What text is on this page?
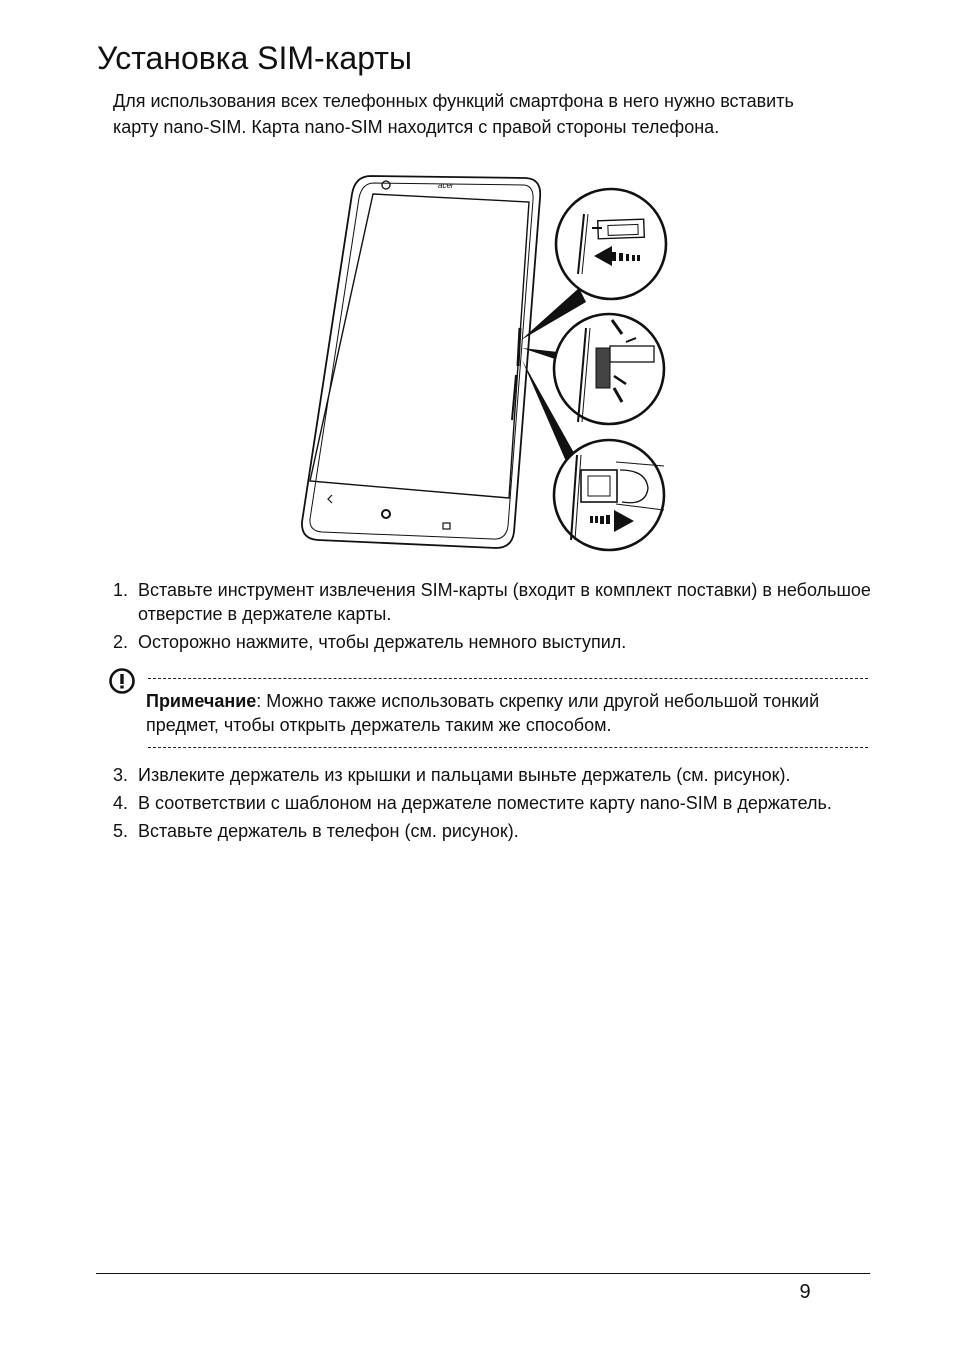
Установка SIM-карты

Для использования всех телефонных функций смартфона в него нужно вставить карту nano-SIM. Карта nano-SIM находится с правой стороны телефона.

acer
1. Вставьте инструмент извлечения SIM-карты (входит в комплект поставки) в небольшое отверстие в держателе карты.
2. Осторожно нажмите, чтобы держатель немного выступил.

Примечание: Можно также использовать скрепку или другой небольшой тонкий предмет, чтобы открыть держатель таким же способом.

3. Извлеките держатель из крышки и пальцами выньте держатель (см. рисунок).
4. В соответствии с шаблоном на держателе поместите карту nano-SIM в держатель.
5. Вставьте держатель в телефон (см. рисунок).
9
